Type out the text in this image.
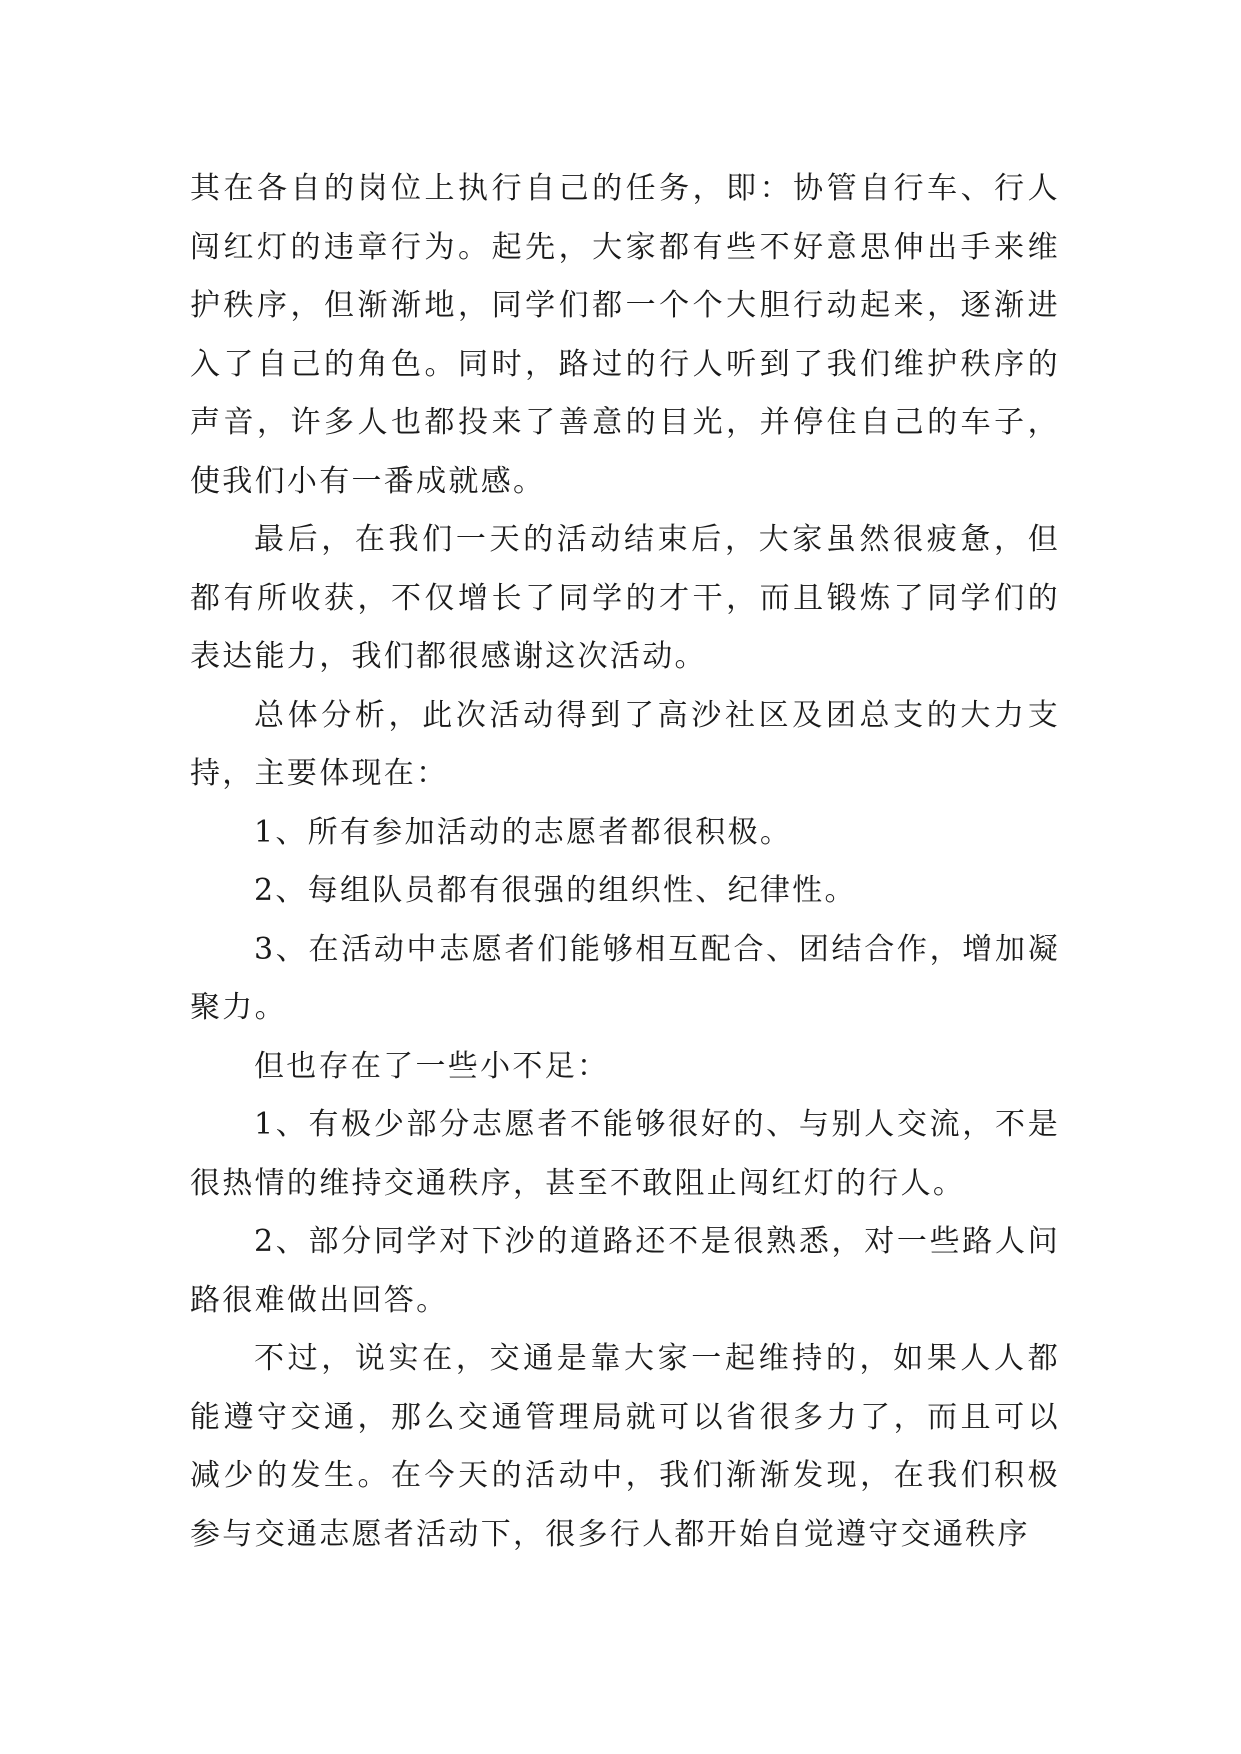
其在各自的岗位上执行自己的任务，即：协管自行车、行人闯红灯的违章行为。起先，大家都有些不好意思伸出手来维护秩序，但渐渐地，同学们都一个个大胆行动起来，逐渐进入了自己的角色。同时，路过的行人听到了我们维护秩序的声音，许多人也都投来了善意的目光，并停住自己的车子，使我们小有一番成就感。

最后，在我们一天的活动结束后，大家虽然很疲惫，但都有所收获，不仅增长了同学的才干，而且锻炼了同学们的表达能力，我们都很感谢这次活动。

总体分析，此次活动得到了高沙社区及团总支的大力支持，主要体现在：

1、所有参加活动的志愿者都很积极。

2、每组队员都有很强的组织性、纪律性。

3、在活动中志愿者们能够相互配合、团结合作，增加凝聚力。

但也存在了一些小不足：

1、有极少部分志愿者不能够很好的、与别人交流，不是很热情的维持交通秩序，甚至不敢阻止闯红灯的行人。

2、部分同学对下沙的道路还不是很熟悉，对一些路人问路很难做出回答。

不过，说实在，交通是靠大家一起维持的，如果人人都能遵守交通，那么交通管理局就可以省很多力了，而且可以减少的发生。在今天的活动中，我们渐渐发现，在我们积极参与交通志愿者活动下，很多行人都开始自觉遵守交通秩序
